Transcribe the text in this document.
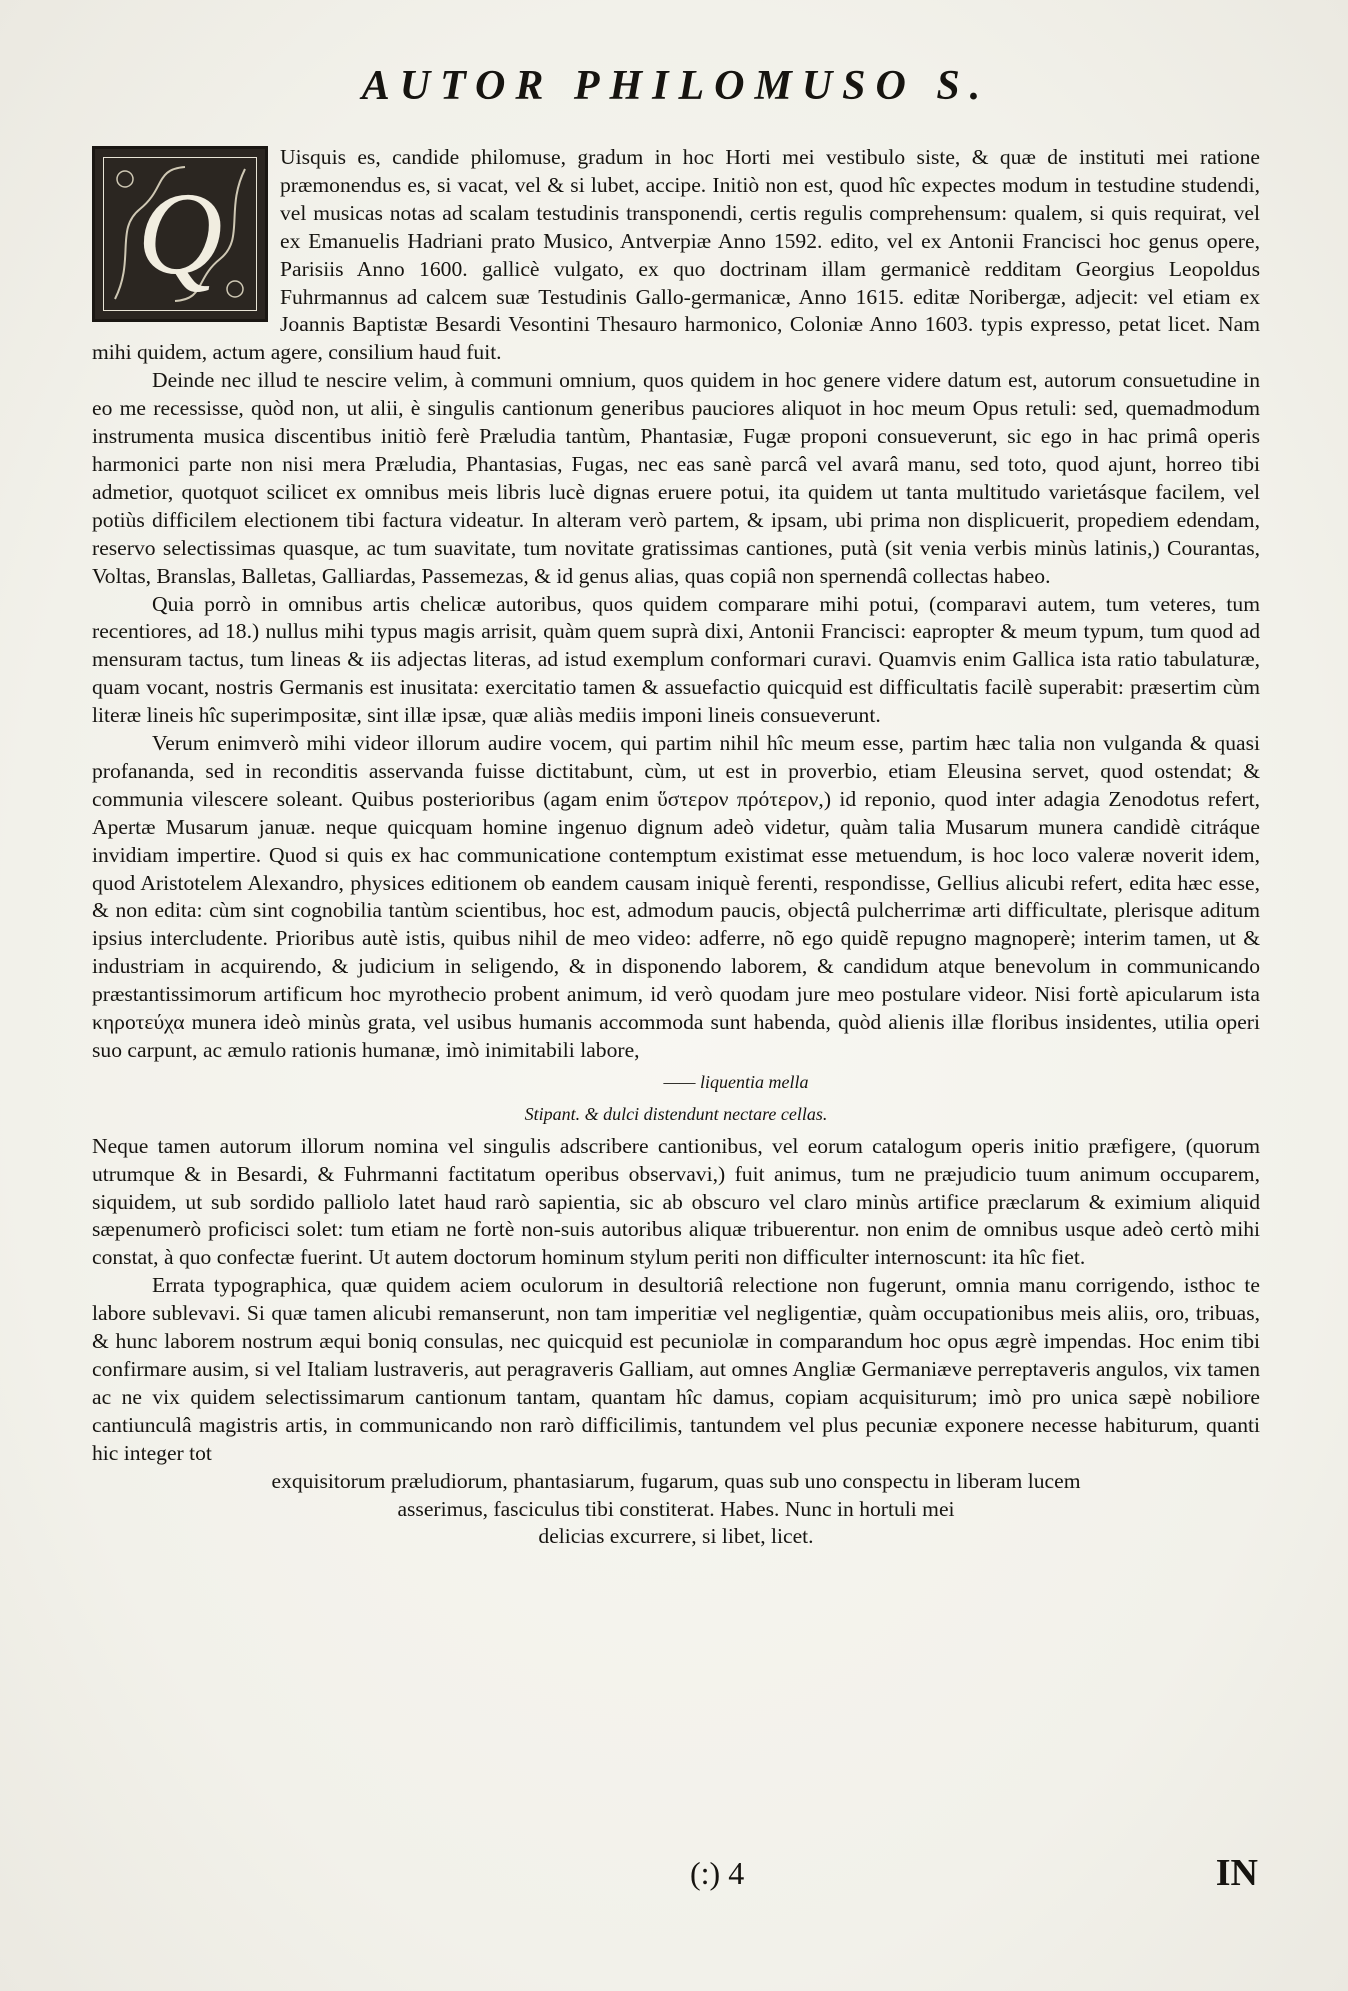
AUTOR PHILOMUSO S.
Q

Uisquis es, candide philomuse, gradum in hoc Horti mei vestibulo siste, & quæ de instituti mei ratione præmonendus es, si vacat, vel & si lubet, accipe. Initiò non est, quod hîc expectes modum in testudine studendi, vel musicas notas ad scalam testudinis transponendi, certis regulis comprehensum: qualem, si quis requirat, vel ex Emanuelis Hadriani prato Musico, Antverpiæ Anno 1592. edito, vel ex Antonii Francisci hoc genus opere, Parisiis Anno 1600. gallicè vulgato, ex quo doctrinam illam germanicè redditam Georgius Leopoldus Fuhrmannus ad calcem suæ Testudinis Gallo-germanicæ, Anno 1615. editæ Noribergæ, adjecit: vel etiam ex Joannis Baptistæ Besardi Vesontini Thesauro harmonico, Coloniæ Anno 1603. typis expresso, petat licet. Nam mihi quidem, actum agere, consilium haud fuit.

Deinde nec illud te nescire velim, à communi omnium, quos quidem in hoc genere videre datum est, autorum consuetudine in eo me recessisse, quòd non, ut alii, è singulis cantionum generibus pauciores aliquot in hoc meum Opus retuli: sed, quemadmodum instrumenta musica discentibus initiò ferè Præludia tantùm, Phantasiæ, Fugæ proponi consueverunt, sic ego in hac primâ operis harmonici parte non nisi mera Præludia, Phantasias, Fugas, nec eas sanè parcâ vel avarâ manu, sed toto, quod ajunt, horreo tibi admetior, quotquot scilicet ex omnibus meis libris lucè dignas eruere potui, ita quidem ut tanta multitudo varietásque facilem, vel potiùs difficilem electionem tibi factura videatur. In alteram verò partem, & ipsam, ubi prima non displicuerit, propediem edendam, reservo selectissimas quasque, ac tum suavitate, tum novitate gratissimas cantiones, putà (sit venia verbis minùs latinis,) Courantas, Voltas, Branslas, Balletas, Galliardas, Passemezas, & id genus alias, quas copiâ non spernendâ collectas habeo.

Quia porrò in omnibus artis chelicæ autoribus, quos quidem comparare mihi potui, (comparavi autem, tum veteres, tum recentiores, ad 18.) nullus mihi typus magis arrisit, quàm quem suprà dixi, Antonii Francisci: eapropter & meum typum, tum quod ad mensuram tactus, tum lineas & iis adjectas literas, ad istud exemplum conformari curavi. Quamvis enim Gallica ista ratio tabulaturæ, quam vocant, nostris Germanis est inusitata: exercitatio tamen & assuefactio quicquid est difficultatis facilè superabit: præsertim cùm literæ lineis hîc superimpositæ, sint illæ ipsæ, quæ aliàs mediis imponi lineis consueverunt.

Verum enimverò mihi videor illorum audire vocem, qui partim nihil hîc meum esse, partim hæc talia non vulganda & quasi profananda, sed in reconditis asservanda fuisse dictitabunt, cùm, ut est in proverbio, etiam Eleusina servet, quod ostendat; & communia vilescere soleant. Quibus posterioribus (agam enim ὕστερον πρότερον,) id reponio, quod inter adagia Zenodotus refert, Apertæ Musarum januæ. neque quicquam homine ingenuo dignum adeò videtur, quàm talia Musarum munera candidè citráque invidiam impertire. Quod si quis ex hac communicatione contemptum existimat esse metuendum, is hoc loco valeræ noverit idem, quod Aristotelem Alexandro, physices editionem ob eandem causam iniquè ferenti, respondisse, Gellius alicubi refert, edita hæc esse, & non edita: cùm sint cognobilia tantùm scientibus, hoc est, admodum paucis, objectâ pulcherrimæ arti difficultate, plerisque aditum ipsius intercludente. Prioribus autè istis, quibus nihil de meo video: adferre, nõ ego quidẽ repugno magnoperè; interim tamen, ut & industriam in acquirendo, & judicium in seligendo, & in disponendo laborem, & candidum atque benevolum in communicando præstantissimorum artificum hoc myrothecio probent animum, id verò quodam jure meo postulare videor. Nisi fortè apicularum ista κηροτεύχα munera ideò minùs grata, vel usibus humanis accommoda sunt habenda, quòd alienis illæ floribus insidentes, utilia operi suo carpunt, ac æmulo rationis humanæ, imò inimitabili labore,

—— liquentia mella
Stipant. & dulci distendunt nectare cellas.

Neque tamen autorum illorum nomina vel singulis adscribere cantionibus, vel eorum catalogum operis initio præfigere, (quorum utrumque & in Besardi, & Fuhrmanni factitatum operibus observavi,) fuit animus, tum ne præjudicio tuum animum occuparem, siquidem, ut sub sordido palliolo latet haud rarò sapientia, sic ab obscuro vel claro minùs artifice præclarum & eximium aliquid sæpenumerò proficisci solet: tum etiam ne fortè non-suis autoribus aliquæ tribuerentur. non enim de omnibus usque adeò certò mihi constat, à quo confectæ fuerint. Ut autem doctorum hominum stylum periti non difficulter internoscunt: ita hîc fiet.

Errata typographica, quæ quidem aciem oculorum in desultoriâ relectione non fugerunt, omnia manu corrigendo, isthoc te labore sublevavi. Si quæ tamen alicubi remanserunt, non tam imperitiæ vel negligentiæ, quàm occupationibus meis aliis, oro, tribuas, & hunc laborem nostrum æqui boniq consulas, nec quicquid est pecuniolæ in comparandum hoc opus ægrè impendas. Hoc enim tibi confirmare ausim, si vel Italiam lustraveris, aut peragraveris Galliam, aut omnes Angliæ Germaniæve perreptaveris angulos, vix tamen ac ne vix quidem selectissimarum cantionum tantam, quantam hîc damus, copiam acquisiturum; imò pro unica sæpè nobiliore cantiunculâ magistris artis, in communicando non rarò difficilimis, tantundem vel plus pecuniæ exponere necesse habiturum, quanti hic integer tot

exquisitorum præludiorum, phantasiarum, fugarum, quas sub uno conspectu in liberam lucem
asserimus, fasciculus tibi constiterat. Habes. Nunc in hortuli mei
delicias excurrere, si libet, licet.
(:) 4	IN
